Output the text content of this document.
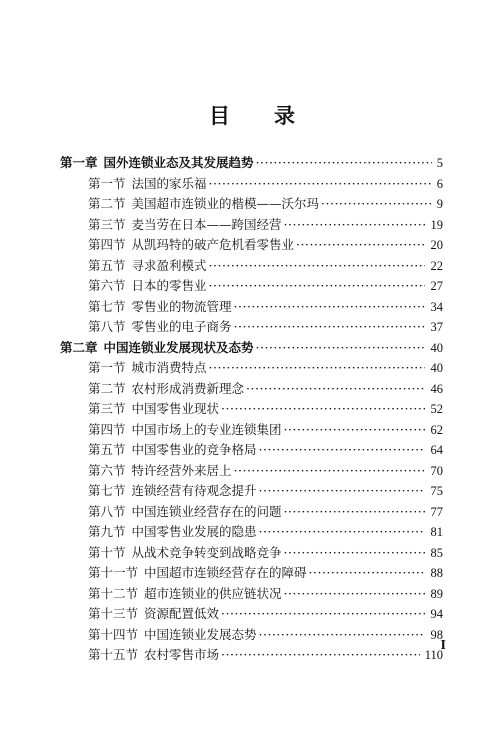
目 录
第一章 国外连锁业态及其发展趋势 ·····	5
第一节 法国的家乐福 ·····	6
第二节 美国超市连锁业的楷模——沃尔玛 ·····	9
第三节 麦当劳在日本——跨国经营 ·····	19
第四节 从凯玛特的破产危机看零售业 ·····	20
第五节 寻求盈利模式 ·····	22
第六节 日本的零售业 ·····	27
第七节 零售业的物流管理 ·····	34
第八节 零售业的电子商务 ·····	37
第二章 中国连锁业发展现状及态势 ·····	40
第一节 城市消费特点 ·····	40
第二节 农村形成消费新理念 ·····	46
第三节 中国零售业现状 ·····	52
第四节 中国市场上的专业连锁集团 ·····	62
第五节 中国零售业的竞争格局 ·····	64
第六节 特许经营外来居上 ·····	70
第七节 连锁经营有待观念提升 ·····	75
第八节 中国连锁业经营存在的问题 ·····	77
第九节 中国零售业发展的隐患 ·····	81
第十节 从战术竞争转变到战略竞争 ·····	85
第十一节 中国超市连锁经营存在的障碍 ·····	88
第十二节 超市连锁业的供应链状况 ·····	89
第十三节 资源配置低效 ·····	94
第十四节 中国连锁业发展态势 ·····	98
第十五节 农村零售市场 ·····	110
I
